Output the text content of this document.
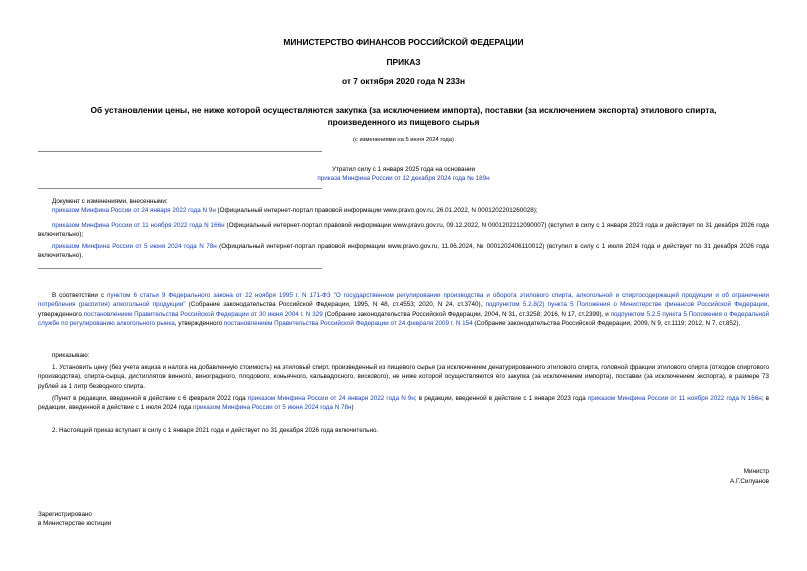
МИНИСТЕРСТВО ФИНАНСОВ РОССИЙСКОЙ ФЕДЕРАЦИИ
ПРИКАЗ
от 7 октября 2020 года N 233н
Об установлении цены, не ниже которой осуществляются закупка (за исключением импорта), поставки (за исключением экспорта) этилового спирта,
произведенного из пищевого сырья
(с изменениями на 5 июня 2024 года)
Утратил силу с 1 января 2025 года на основании
приказа Минфина России от 12 декабря 2024 года № 189н
Документ с изменениями, внесенными:
приказом Минфина России от 24 января 2022 года N 9н (Официальный интернет-портал правовой информации www.pravo.gov.ru, 26.01.2022, N 0001202201260028);
приказом Минфина России от 11 ноября 2022 года N 166н (Официальный интернет-портал правовой информации www.pravo.gov.ru, 09.12.2022, N 0001202212090007) (вступил в силу с 1 января 2023 года и действует по 31 декабря 2026 года включительно);
приказом Минфина России от 5 июня 2024 года N 78н (Официальный интернет-портал правовой информации www.pravo.gov.ru, 11.06.2024, № 0001202406110012) (вступил в силу с 1 июля 2024 года и действует по 31 декабря 2026 года включительно).
В соответствии с пунктом 6 статьи 9 Федерального закона от 22 ноября 1995 г. N 171-ФЗ "О государственном регулировании производства и оборота этилового спирта, алкогольной и спиртосодержащей продукции и об ограничении потребления (распития) алкогольной продукции" (Собрание законодательства Российской Федерации, 1995, N 48, ст.4553; 2020, N 24, ст.3740), подпунктом 5.2.8(2) пункта 5 Положения о Министерстве финансов Российской Федерации, утвержденного постановлением Правительства Российской Федерации от 30 июня 2004 г. N 329 (Собрание законодательства Российской Федерации, 2004, N 31, ст.3258; 2016, N 17, ст.2399), и подпунктом 5.2.5 пункта 5 Положения о Федеральной службе по регулированию алкогольного рынка, утвержденного постановлением Правительства Российской Федерации от 24 февраля 2009 г. N 154 (Собрание законодательства Российской Федерации, 2009, N 9, ст.1119; 2012, N 7, ст.852),
приказываю:
1. Установить цену (без учета акциза и налога на добавленную стоимость) на этиловый спирт, произведенный из пищевого сырья (за исключением денатурированного этилового спирта, головной фракции этилового спирта (отходов спиртового производства), спирта-сырца, дистиллятов винного, виноградного, плодового, коньячного, кальвадосного, вискового), не ниже которой осуществляются его закупка (за исключением импорта), поставки (за исключением экспорта), в размере 73 рублей за 1 литр безводного спирта.
(Пункт в редакции, введенной в действие с 6 февраля 2022 года приказом Минфина России от 24 января 2022 года N 9н; в редакции, введенной в действие с 1 января 2023 года приказом Минфина России от 11 ноября 2022 года N 166н; в редакции, введенной в действие с 1 июля 2024 года приказом Минфина России от 5 июня 2024 года N 78н)
2. Настоящий приказ вступает в силу с 1 января 2021 года и действует по 31 декабря 2026 года включительно.
Министр
А.Г.Силуанов
Зарегистрировано
в Министерстве юстиции
